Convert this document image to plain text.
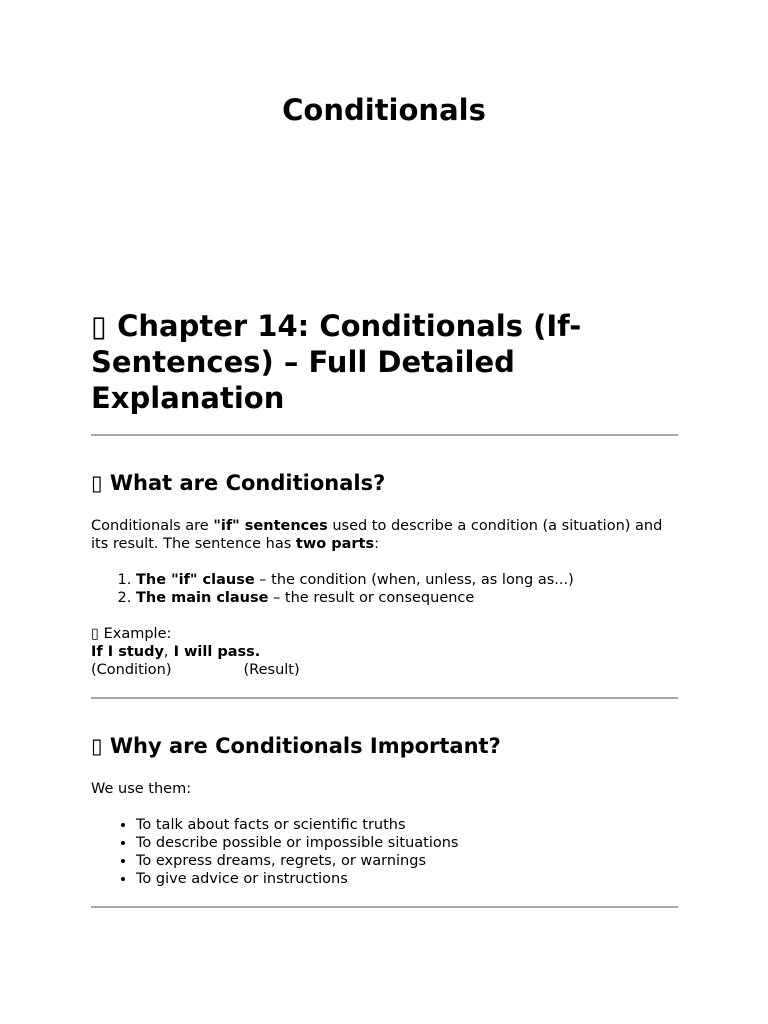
Conditionals
▯ Chapter 14: Conditionals (If-Sentences) – Full Detailed Explanation
▯ What are Conditionals?

Conditionals are "if" sentences used to describe a condition (a situation) and its result. The sentence has two parts:

1. The "if" clause – the condition (when, unless, as long as...)
2. The main clause – the result or consequence

▯ Example:

If I study, I will pass.

(Condition)	(Result)

▯ Why are Conditionals Important?

We use them:

• To talk about facts or scientific truths
• To describe possible or impossible situations
• To express dreams, regrets, or warnings
• To give advice or instructions
